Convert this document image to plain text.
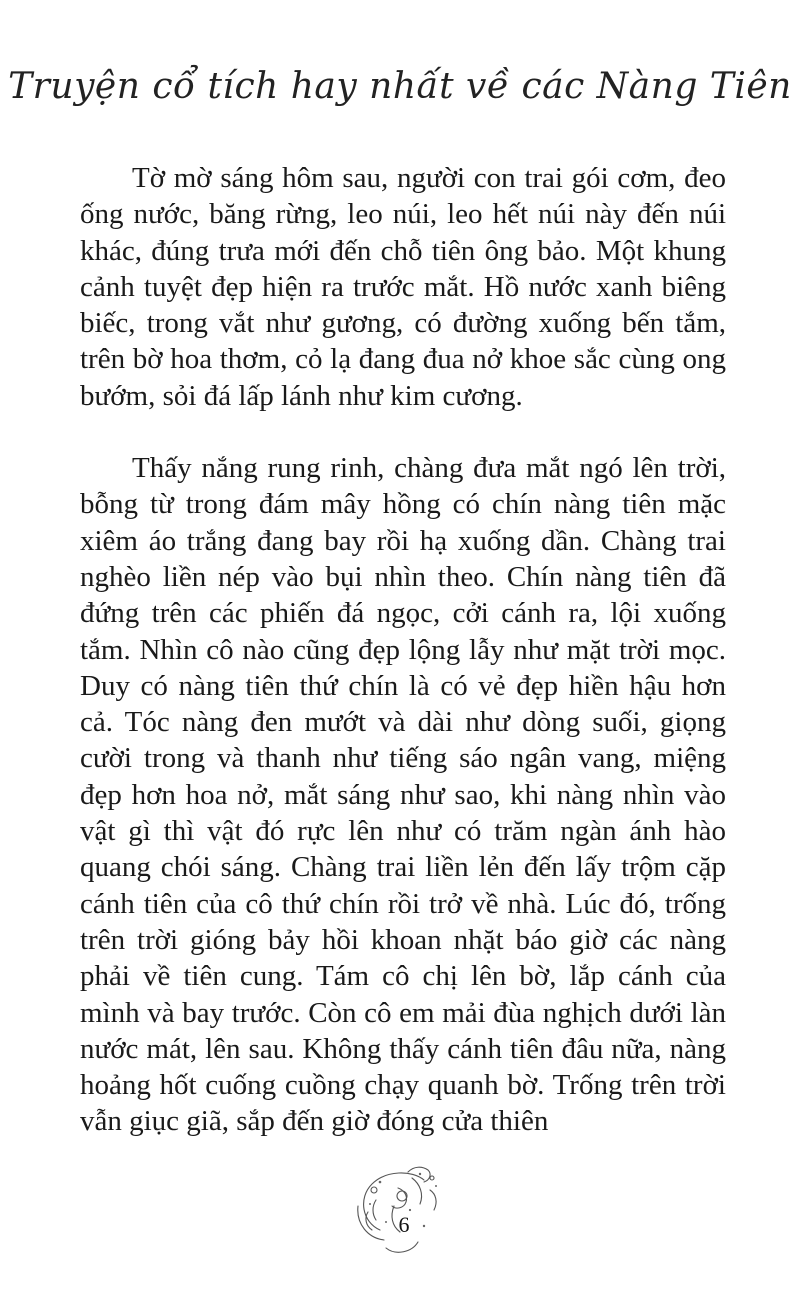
Truyện cổ tích hay nhất về các Nàng Tiên

Tờ mờ sáng hôm sau, người con trai gói cơm, đeo ống nước, băng rừng, leo núi, leo hết núi này đến núi khác, đúng trưa mới đến chỗ tiên ông bảo. Một khung cảnh tuyệt đẹp hiện ra trước mắt. Hồ nước xanh biêng biếc, trong vắt như gương, có đường xuống bến tắm, trên bờ hoa thơm, cỏ lạ đang đua nở khoe sắc cùng ong bướm, sỏi đá lấp lánh như kim cương.

Thấy nắng rung rinh, chàng đưa mắt ngó lên trời, bỗng từ trong đám mây hồng có chín nàng tiên mặc xiêm áo trắng đang bay rồi hạ xuống dần. Chàng trai nghèo liền nép vào bụi nhìn theo. Chín nàng tiên đã đứng trên các phiến đá ngọc, cởi cánh ra, lội xuống tắm. Nhìn cô nào cũng đẹp lộng lẫy như mặt trời mọc. Duy có nàng tiên thứ chín là có vẻ đẹp hiền hậu hơn cả. Tóc nàng đen mướt và dài như dòng suối, giọng cười trong và thanh như tiếng sáo ngân vang, miệng đẹp hơn hoa nở, mắt sáng như sao, khi nàng nhìn vào vật gì thì vật đó rực lên như có trăm ngàn ánh hào quang chói sáng. Chàng trai liền lẻn đến lấy trộm cặp cánh tiên của cô thứ chín rồi trở về nhà. Lúc đó, trống trên trời gióng bảy hồi khoan nhặt báo giờ các nàng phải về tiên cung. Tám cô chị lên bờ, lắp cánh của mình và bay trước. Còn cô em mải đùa nghịch dưới làn nước mát, lên sau. Không thấy cánh tiên đâu nữa, nàng hoảng hốt cuống cuồng chạy quanh bờ. Trống trên trời vẫn giục giã, sắp đến giờ đóng cửa thiên

6
